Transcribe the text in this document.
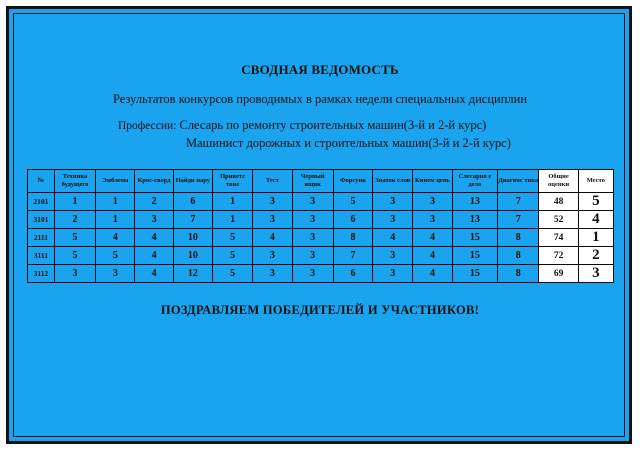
СВОДНАЯ ВЕДОМОСТЬ
Результатов конкурсов проводимых в рамках недели специальных дисциплин
Профессии: Слесарь по ремонту строительных машин(3-й и 2-й курс)
Машинист дорожных и строительных машин(3-й и 2-й курс)
№	Техника будущего	Эмблема	Крос-сворд	Найди пару	Приветс твие	Тест	Черный ящик	Форсунк	Знаток слов	Кинем цепь	Слесарно е дело	Диагнос тика	Общие оценки	Место
2101	1	1	2	6	1	3	3	5	3	3	13	7	48	5
3101	2	1	3	7	1	3	3	6	3	3	13	7	52	4
2111	5	4	4	10	5	4	3	8	4	4	15	8	74	1
3111	5	5	4	10	5	3	3	7	3	4	15	8	72	2
3112	3	3	4	12	5	3	3	6	3	4	15	8	69	3
ПОЗДРАВЛЯЕМ ПОБЕДИТЕЛЕЙ И УЧАСТНИКОВ!
